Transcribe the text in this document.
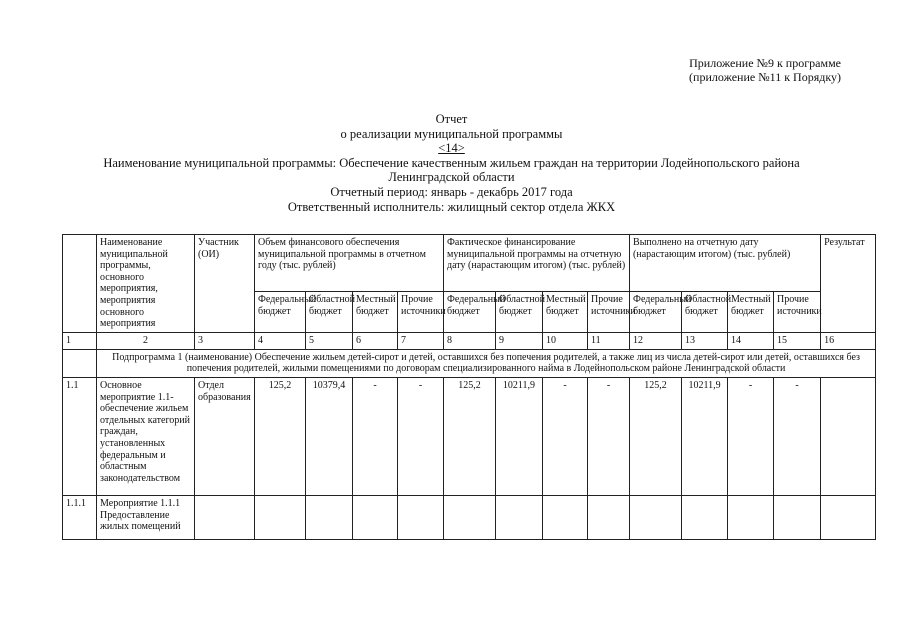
Приложение №9 к программе
(приложение №11 к Порядку)
Отчет
о реализации муниципальной программы
<14>
Наименование муниципальной программы: Обеспечение качественным жильем граждан на территории Лодейнопольского района
Ленинградской области
Отчетный период: январь - декабрь 2017 года
Ответственный исполнитель: жилищный сектор отдела ЖКХ
	Наименование муниципальной программы, основного мероприятия, мероприятия основного мероприятия	Участник (ОИ)	Объем финансового обеспечения муниципальной программы в отчетном году (тыс. рублей)				Фактическое финансирование муниципальной программы на отчетную дату (нарастающим итогом) (тыс. рублей)				Выполнено на отчетную дату (нарастающим итогом) (тыс. рублей)				Результат
			Федеральный бюджет	Областной бюджет	Местный бюджет	Прочие источники	Федеральный бюджет	Областной бюджет	Местный бюджет	Прочие источники	Федеральный бюджет	Областной бюджет	Местный бюджет	Прочие источники	
1	2	3	4	5	6	7	8	9	10	11	12	13	14	15	16
	Подпрограмма 1 (наименование) Обеспечение жильем детей-сирот и детей, оставшихся без попечения родителей, а также лиц из числа детей-сирот или детей, оставшихся без попечения родителей, жилыми помещениями по договорам специализированного найма в Лодейнопольском районе Ленинградской области														
1.1	Основное мероприятие 1.1- обеспечение жильем отдельных категорий граждан, установленных федеральным и областным законодательством	Отдел образования	125,2	10379,4	-	-	125,2	10211,9	-	-	125,2	10211,9	-	-	
1.1.1	Мероприятие 1.1.1 Предоставление жилых помещений														
